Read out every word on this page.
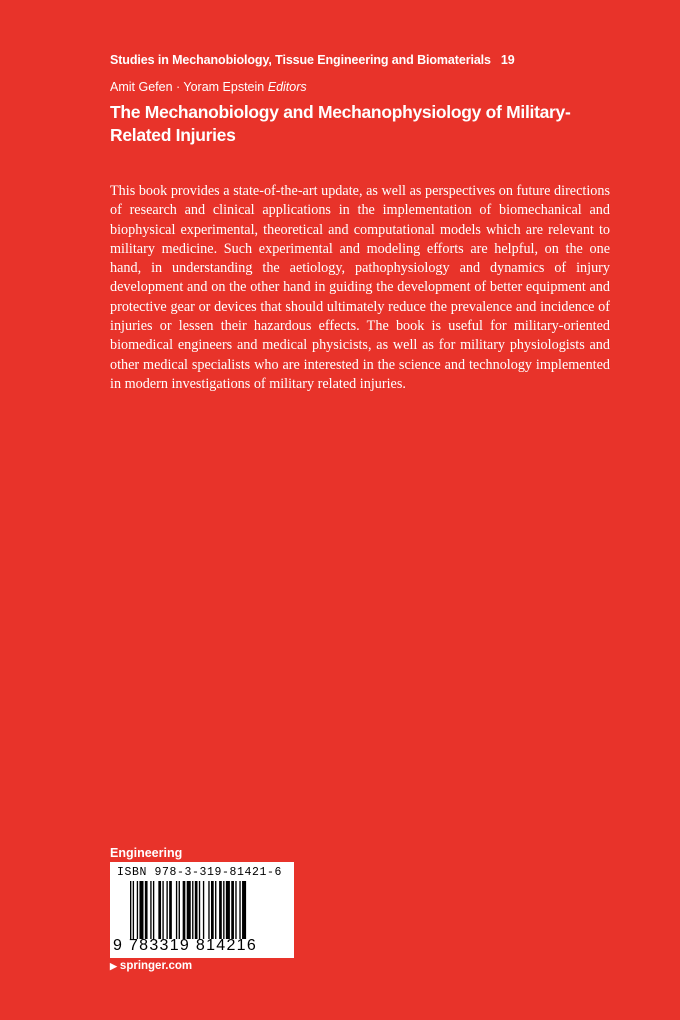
Studies in Mechanobiology, Tissue Engineering and Biomaterials 19
Amit Gefen · Yoram Epstein Editors
The Mechanobiology and Mechanophysiology of Military-Related Injuries

This book provides a state-of-the-art update, as well as perspectives on future directions of research and clinical applications in the implementation of biomechanical and biophysical experimental, theoretical and computational models which are relevant to military medicine. Such experimental and modeling efforts are helpful, on the one hand, in understanding the aetiology, pathophysiology and dynamics of injury development and on the other hand in guiding the development of better equipment and protective gear or devices that should ultimately reduce the prevalence and incidence of injuries or lessen their hazardous effects. The book is useful for military-oriented biomedical engineers and medical physicists, as well as for military physiologists and other medical specialists who are interested in the science and technology implemented in modern investigations of military related injuries.

Engineering
ISBN 978-3-319-81421-6
9 783319 814216
▶ springer.com
